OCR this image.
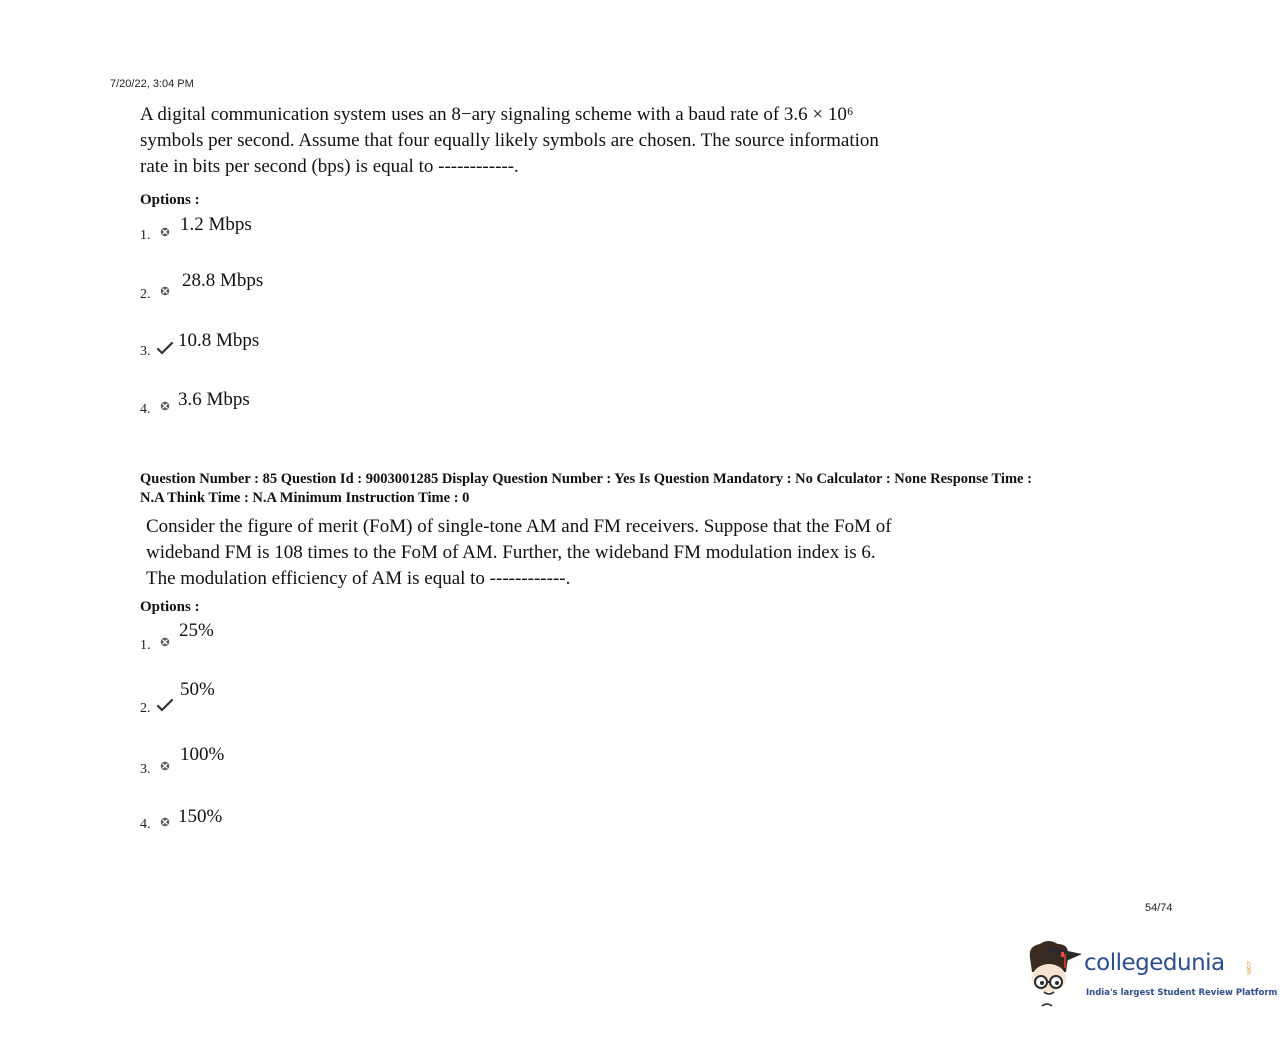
7/20/22, 3:04 PM
A digital communication system uses an 8−ary signaling scheme with a baud rate of 3.6 × 10⁶
symbols per second. Assume that four equally likely symbols are chosen. The source information
rate in bits per second (bps) is equal to ------------.
Options :
1.
1.2 Mbps
2.
28.8 Mbps
3.
10.8 Mbps
4. 3.6 Mbps
Question Number : 85 Question Id : 9003001285 Display Question Number : Yes Is Question Mandatory : No Calculator : None Response Time :
N.A Think Time : N.A Minimum Instruction Time : 0
Consider the figure of merit (FoM) of single-tone AM and FM receivers. Suppose that the FoM of
wideband FM is 108 times to the FoM of AM. Further, the wideband FM modulation index is 6.
The modulation efficiency of AM is equal to ------------.
Options :
1.
25%
2.
50%
3.
100%
4. 150%
54/74
collegedunia	.com
India's largest Student Review Platform
